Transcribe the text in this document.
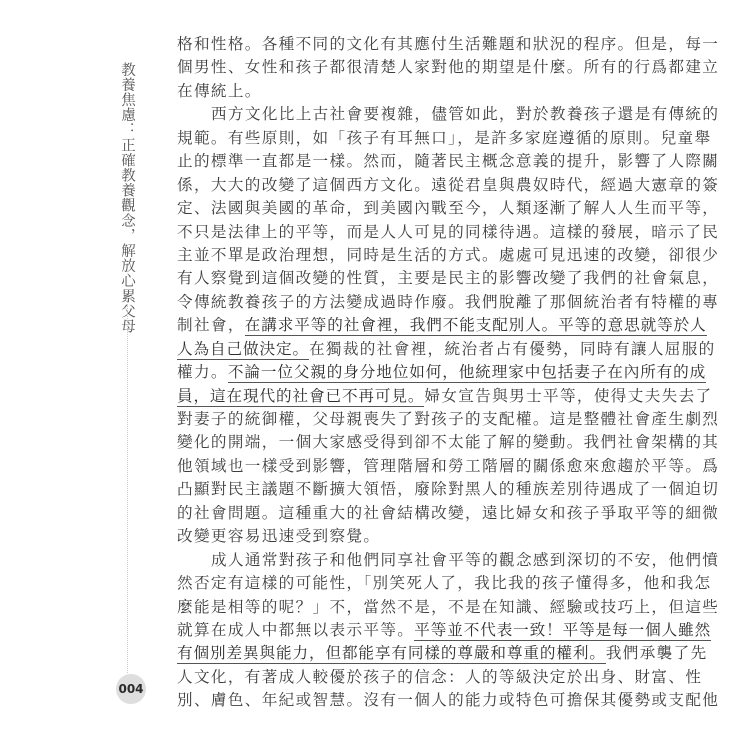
教養焦慮：正確教養觀念，解放心累父母
004
格和性格。各種不同的文化有其應付生活難題和狀況的程序。但是，每一
個男性、女性和孩子都很清楚人家對他的期望是什麼。所有的行爲都建立
在傳統上。
西方文化比上古社會要複雜，儘管如此，對於教養孩子還是有傳統的
規範。有些原則，如「孩子有耳無口」，是許多家庭遵循的原則。兒童舉
止的標準一直都是一樣。然而，隨著民主概念意義的提升，影響了人際關
係，大大的改變了這個西方文化。遠從君皇與農奴時代，經過大憲章的簽
定、法國與美國的革命，到美國內戰至今，人類逐漸了解人人生而平等，
不只是法律上的平等，而是人人可見的同樣待遇。這樣的發展，暗示了民
主並不單是政治理想，同時是生活的方式。處處可見迅速的改變，卻很少
有人察覺到這個改變的性質，主要是民主的影響改變了我們的社會氣息，
令傳統教養孩子的方法變成過時作廢。我們脫離了那個統治者有特權的專
制社會，在講求平等的社會裡，我們不能支配別人。平等的意思就等於人
人為自己做決定。在獨裁的社會裡，統治者占有優勢，同時有讓人屈服的
權力。不論一位父親的身分地位如何，他統理家中包括妻子在內所有的成
員，這在現代的社會已不再可見。婦女宣告與男士平等，使得丈夫失去了
對妻子的統御權，父母親喪失了對孩子的支配權。這是整體社會產生劇烈
變化的開端，一個大家感受得到卻不太能了解的變動。我們社會架構的其
他領域也一樣受到影響，管理階層和勞工階層的關係愈來愈趨於平等。爲
凸顯對民主議題不斷擴大領悟，廢除對黑人的種族差別待遇成了一個迫切
的社會問題。這種重大的社會結構改變，遠比婦女和孩子爭取平等的細微
改變更容易迅速受到察覺。
成人通常對孩子和他們同享社會平等的觀念感到深切的不安，他們憤
然否定有這樣的可能性，「別笑死人了，我比我的孩子懂得多，他和我怎
麼能是相等的呢？」不，當然不是，不是在知識、經驗或技巧上，但這些
就算在成人中都無以表示平等。平等並不代表一致！平等是每一個人雖然
有個別差異與能力，但都能享有同樣的尊嚴和尊重的權利。我們承襲了先
人文化，有著成人較優於孩子的信念：人的等級決定於出身、財富、性
別、膚色、年紀或智慧。沒有一個人的能力或特色可擔保其優勢或支配他
